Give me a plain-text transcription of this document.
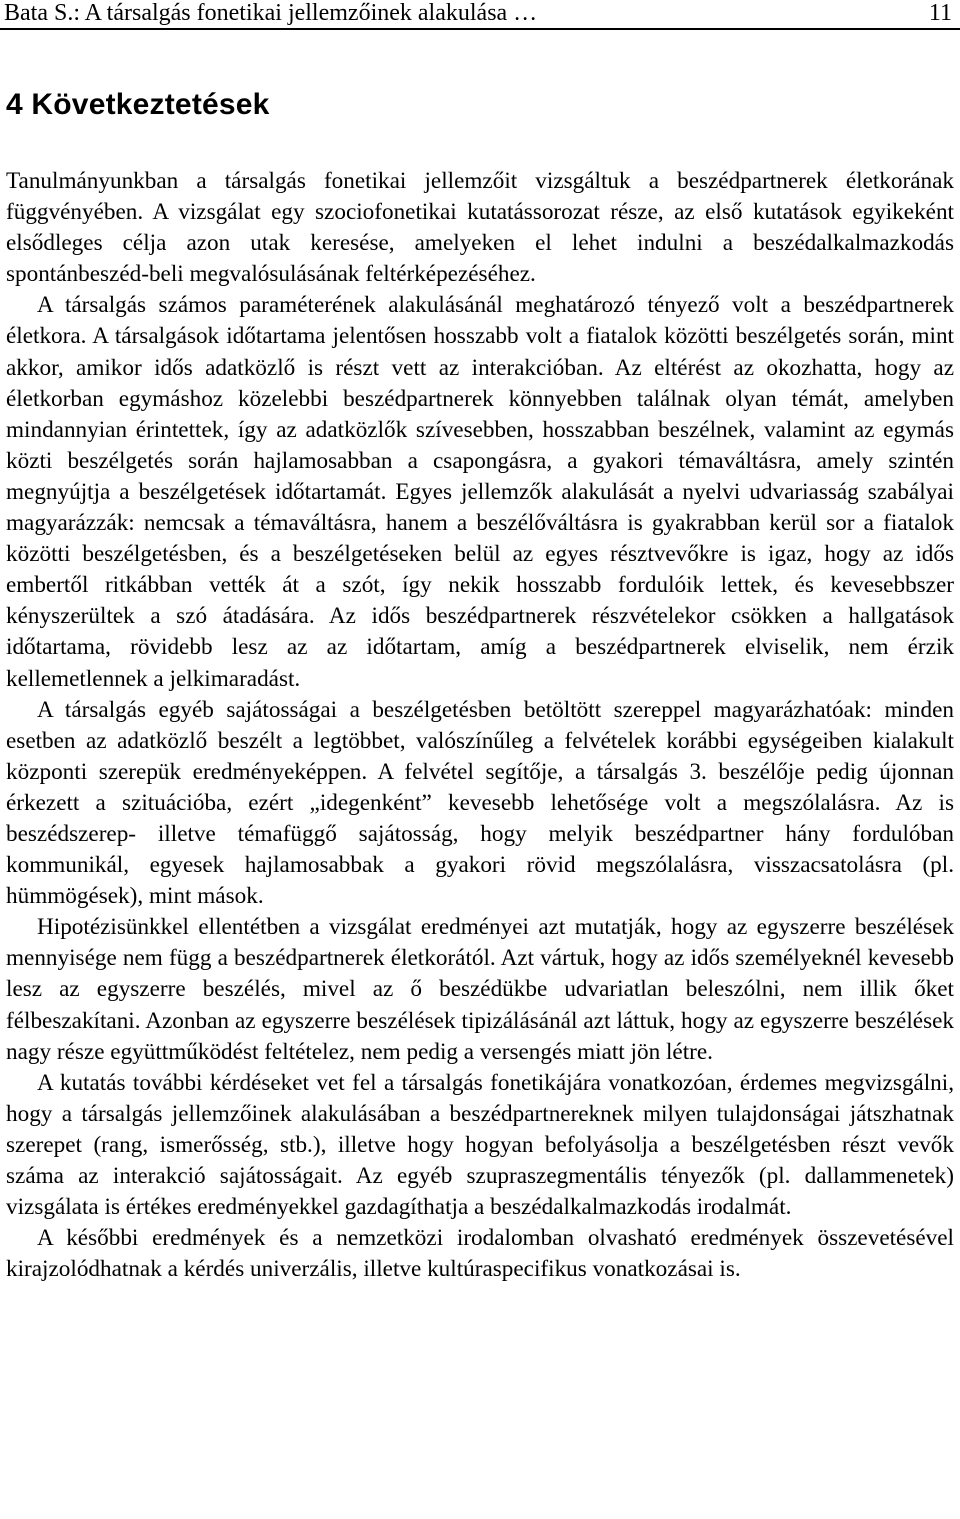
Bata S.: A társalgás fonetikai jellemzőinek alakulása …	11
4 Következtetések

Tanulmányunkban a társalgás fonetikai jellemzőit vizsgáltuk a beszédpartnerek életkorának függvényében. A vizsgálat egy szociofonetikai kutatássorozat része, az első kutatások egyikeként elsődleges célja azon utak keresése, amelyeken el lehet indulni a beszédalkalmazkodás spontánbeszéd-beli megvalósulásának feltérképezéséhez.

A társalgás számos paraméterének alakulásánál meghatározó tényező volt a beszédpartnerek életkora. A társalgások időtartama jelentősen hosszabb volt a fiatalok közötti beszélgetés során, mint akkor, amikor idős adatközlő is részt vett az interakcióban. Az eltérést az okozhatta, hogy az életkorban egymáshoz közelebbi beszédpartnerek könnyebben találnak olyan témát, amelyben mindannyian érintettek, így az adatközlők szívesebben, hosszabban beszélnek, valamint az egymás közti beszélgetés során hajlamosabban a csapongásra, a gyakori témaváltásra, amely szintén megnyújtja a beszélgetések időtartamát. Egyes jellemzők alakulását a nyelvi udvariasság szabályai magyarázzák: nemcsak a témaváltásra, hanem a beszélőváltásra is gyakrabban kerül sor a fiatalok közötti beszélgetésben, és a beszélgetéseken belül az egyes résztvevőkre is igaz, hogy az idős embertől ritkábban vették át a szót, így nekik hosszabb fordulóik lettek, és kevesebbszer kényszerültek a szó átadására. Az idős beszédpartnerek részvételekor csökken a hallgatások időtartama, rövidebb lesz az az időtartam, amíg a beszédpartnerek elviselik, nem érzik kellemetlennek a jelkimaradást.

A társalgás egyéb sajátosságai a beszélgetésben betöltött szereppel magyarázhatóak: minden esetben az adatközlő beszélt a legtöbbet, valószínűleg a felvételek korábbi egységeiben kialakult központi szerepük eredményeképpen. A felvétel segítője, a társalgás 3. beszélője pedig újonnan érkezett a szituációba, ezért „idegenként” kevesebb lehetősége volt a megszólalásra. Az is beszédszerep- illetve témafüggő sajátosság, hogy melyik beszédpartner hány fordulóban kommunikál, egyesek hajlamosabbak a gyakori rövid megszólalásra, visszacsatolásra (pl. hümmögések), mint mások.

Hipotézisünkkel ellentétben a vizsgálat eredményei azt mutatják, hogy az egyszerre beszélések mennyisége nem függ a beszédpartnerek életkorától. Azt vártuk, hogy az idős személyeknél kevesebb lesz az egyszerre beszélés, mivel az ő beszédükbe udvariatlan beleszólni, nem illik őket félbeszakítani. Azonban az egyszerre beszélések tipizálásánál azt láttuk, hogy az egyszerre beszélések nagy része együttműködést feltételez, nem pedig a versengés miatt jön létre.

A kutatás további kérdéseket vet fel a társalgás fonetikájára vonatkozóan, érdemes megvizsgálni, hogy a társalgás jellemzőinek alakulásában a beszédpartnereknek milyen tulajdonságai játszhatnak szerepet (rang, ismerősség, stb.), illetve hogy hogyan befolyásolja a beszélgetésben részt vevők száma az interakció sajátosságait. Az egyéb szupraszegmentális tényezők (pl. dallammenetek) vizsgálata is értékes eredményekkel gazdagíthatja a beszédalkalmazkodás irodalmát.

A későbbi eredmények és a nemzetközi irodalomban olvasható eredmények összevetésével kirajzolódhatnak a kérdés univerzális, illetve kultúraspecifikus vonatkozásai is.
